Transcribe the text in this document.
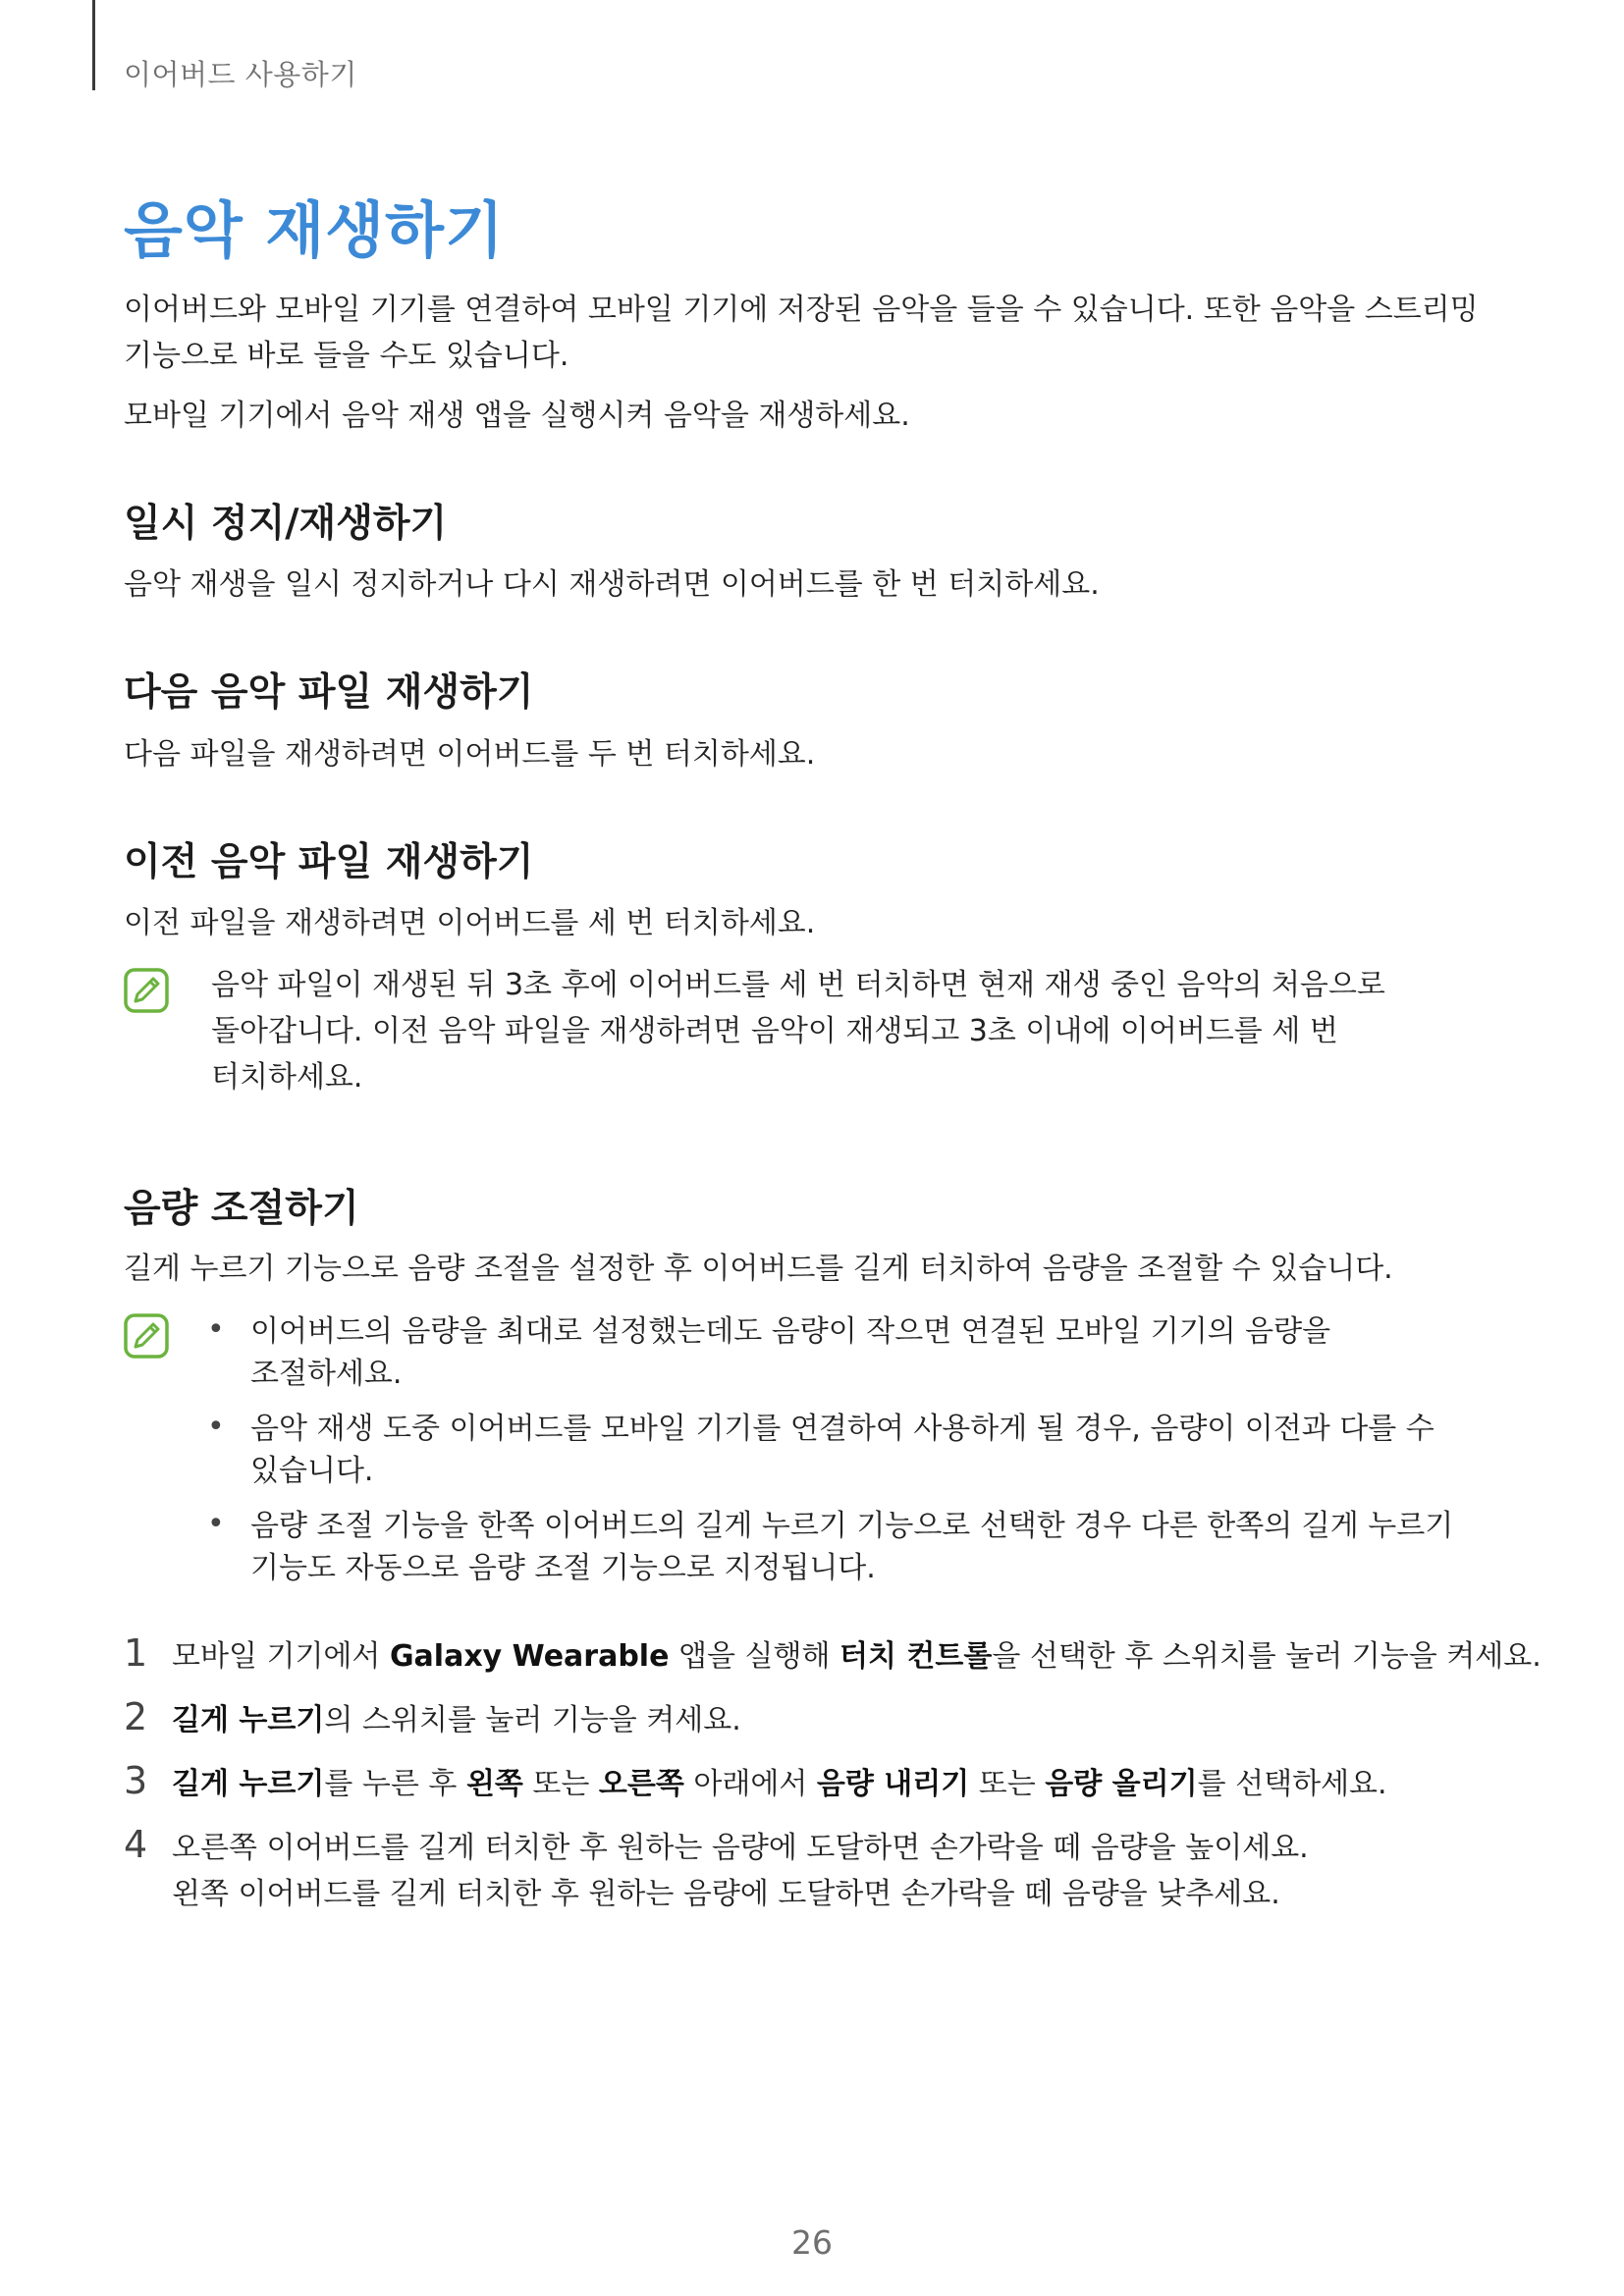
이어버드 사용하기
음악 재생하기
이어버드와 모바일 기기를 연결하여 모바일 기기에 저장된 음악을 들을 수 있습니다. 또한 음악을 스트리밍
기능으로 바로 들을 수도 있습니다.
모바일 기기에서 음악 재생 앱을 실행시켜 음악을 재생하세요.
일시 정지/재생하기
음악 재생을 일시 정지하거나 다시 재생하려면 이어버드를 한 번 터치하세요.
다음 음악 파일 재생하기
다음 파일을 재생하려면 이어버드를 두 번 터치하세요.
이전 음악 파일 재생하기
이전 파일을 재생하려면 이어버드를 세 번 터치하세요.
음악 파일이 재생된 뒤 3초 후에 이어버드를 세 번 터치하면 현재 재생 중인 음악의 처음으로
돌아갑니다. 이전 음악 파일을 재생하려면 음악이 재생되고 3초 이내에 이어버드를 세 번
터치하세요.
음량 조절하기
길게 누르기 기능으로 음량 조절을 설정한 후 이어버드를 길게 터치하여 음량을 조절할 수 있습니다.
• 이어버드의 음량을 최대로 설정했는데도 음량이 작으면 연결된 모바일 기기의 음량을
조절하세요.
• 음악 재생 도중 이어버드를 모바일 기기를 연결하여 사용하게 될 경우, 음량이 이전과 다를 수
있습니다.
• 음량 조절 기능을 한쪽 이어버드의 길게 누르기 기능으로 선택한 경우 다른 한쪽의 길게 누르기
기능도 자동으로 음량 조절 기능으로 지정됩니다.
1 모바일 기기에서 Galaxy Wearable 앱을 실행해 터치 컨트롤을 선택한 후 스위치를 눌러 기능을 켜세요.
2 길게 누르기의 스위치를 눌러 기능을 켜세요.
3 길게 누르기를 누른 후 왼쪽 또는 오른쪽 아래에서 음량 내리기 또는 음량 올리기를 선택하세요.
4 오른쪽 이어버드를 길게 터치한 후 원하는 음량에 도달하면 손가락을 떼 음량을 높이세요.
왼쪽 이어버드를 길게 터치한 후 원하는 음량에 도달하면 손가락을 떼 음량을 낮추세요.
26
